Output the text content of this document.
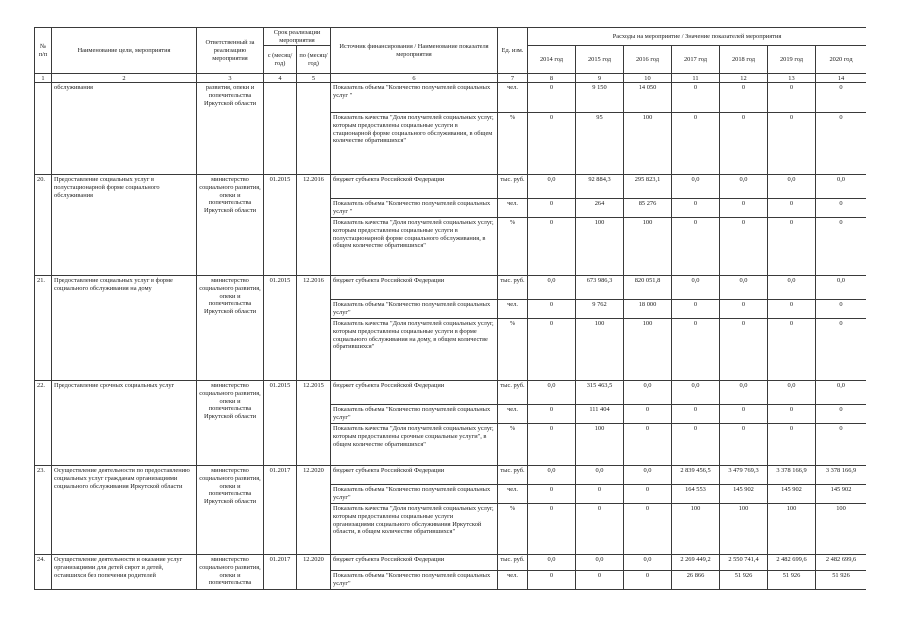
№ п/п	Наименование цели, мероприятия	Ответственный за реализацию мероприятия	Срок реализации мероприятия		Источник финансирования / Наименование показателя мероприятия	Ед. изм.	Расходы на мероприятие / Значение показателей мероприятия						
			с (месяц/ год)	по (месяц/ год)			2014 год	2015 год	2016 год	2017 год	2018 год	2019 год	2020 год

1	2	3	4	5	6	7	8	9	10	11	12	13	14
	обслуживания	развития, опеки и попечительства Иркутской области			Показатель объема "Количество получателей социальных услуг "	чел.	0	9 150	14 050	0	0	0	0
					Показатель качества "Доля получателей социальных услуг, которым предоставлены социальные услуги в стационарной форме социального обслуживания, в общем количестве обратившихся"	%	0	95	100	0	0	0	0
20.	Предоставление социальных услуг в полустационарной форме социального обслуживания	министерство социального развития, опеки и попечительства Иркутской области	01.2015	12.2016	бюджет субъекта Российской Федерации	тыс. руб.	0,0	92 884,3	295 823,1	0,0	0,0	0,0	0,0
					Показатель объема "Количество получателей социальных услуг "	чел.	0	264	85 276	0	0	0	0
					Показатель качества "Доля получателей социальных услуг, которым предоставлены социальные услуги в полустационарной форме социального обслуживания, в общем количестве обратившихся"	%	0	100	100	0	0	0	0
21.	Предоставление социальных услуг в форме социального обслуживания на дому	министерство социального развития, опеки и попечительства Иркутской области	01.2015	12.2016	бюджет субъекта Российской Федерации	тыс. руб.	0,0	673 986,3	820 051,8	0,0	0,0	0,0	0,0
					Показатель объема "Количество получателей социальных услуг"	чел.	0	9 762	18 000	0	0	0	0
					Показатель качества "Доля получателей социальных услуг, которым предоставлены социальные услуги в форме социального обслуживания на дому, в общем количестве обратившихся"	%	0	100	100	0	0	0	0
22.	Предоставление срочных социальных услуг	министерство социального развития, опеки и попечительства Иркутской области	01.2015	12.2015	бюджет субъекта Российской Федерации	тыс. руб.	0,0	315 463,5	0,0	0,0	0,0	0,0	0,0
					Показатель объема "Количество получателей социальных услуг"	чел.	0	111 404	0	0	0	0	0
					Показатель качества "Доля получателей социальных услуг, которым предоставлены срочные социальные услуги", в общем количестве обратившихся"	%	0	100	0	0	0	0	0
23.	Осуществление деятельности по предоставлению социальных услуг гражданам организациями социального обслуживания Иркутской области	министерство социального развития, опеки и попечительства Иркутской области	01.2017	12.2020	бюджет субъекта Российской Федерации	тыс. руб.	0,0	0,0	0,0	2 839 456,5	3 479 769,3	3 378 166,9	3 378 166,9
					Показатель объема "Количество получателей социальных услуг"	чел.	0	0	0	164 553	145 902	145 902	145 902
					Показатель качества "Доля получателей социальных услуг, которым предоставлены социальные услуги организациями социального обслуживания Иркутской области, в общем количестве обратившихся"	%	0	0	0	100	100	100	100
24.	Осуществление деятельности и оказание услуг организациями для детей сирот и детей, оставшихся без попечения родителей	министерство социального развития, опеки и попечительства	01.2017	12.2020	бюджет субъекта Российской Федерации	тыс. руб.	0,0	0,0	0,0	2 269 449,2	2 550 741,4	2 482 699,6	2 482 699,6
					Показатель объема "Количество получателей социальных услуг"	чел.	0	0	0	26 866	51 926	51 926	51 926
